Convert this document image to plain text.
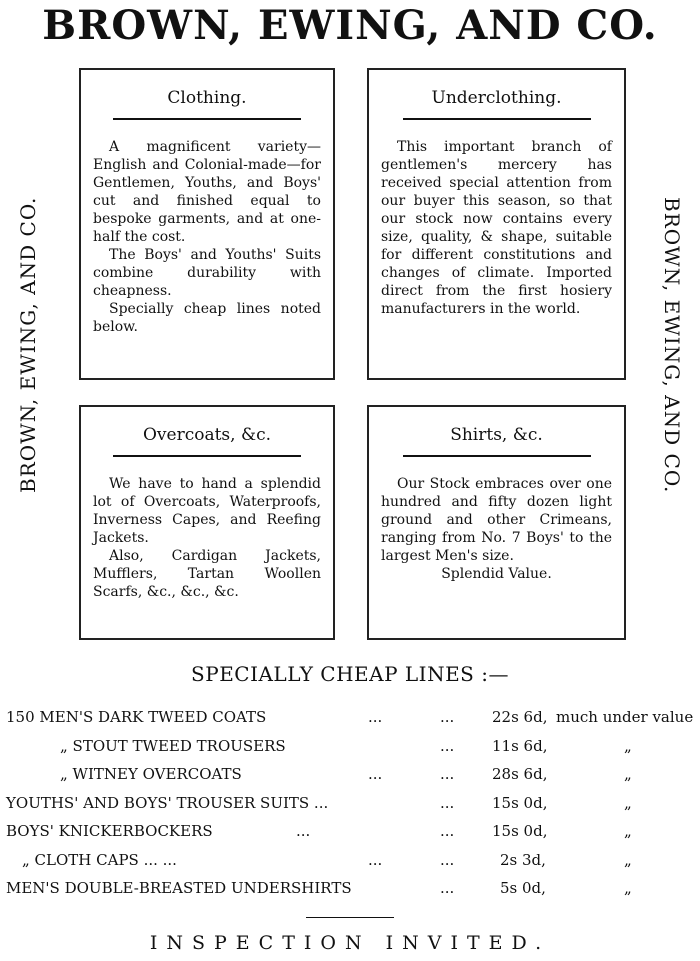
BROWN, EWING, AND CO.
BROWN, EWING, AND CO.	BROWN, EWING, AND CO.
Clothing.

A magnificent variety—English and Colonial-made—for Gentlemen, Youths, and Boys' cut and finished equal to bespoke garments, and at one-half the cost.

The Boys' and Youths' Suits combine durability with cheapness.

Specially cheap lines noted below.

Underclothing.

This important branch of gentlemen's mercery has received special attention from our buyer this season, so that our stock now contains every size, quality, & shape, suitable for different constitutions and changes of climate. Imported direct from the first hosiery manufacturers in the world.

Overcoats, &c.

We have to hand a splendid lot of Overcoats, Waterproofs, Inverness Capes, and Reefing Jackets.

Also, Cardigan Jackets, Mufflers, Tartan Woollen Scarfs, &c., &c., &c.

Shirts, &c.

Our Stock embraces over one hundred and fifty dozen light ground and other Crimeans, ranging from No. 7 Boys' to the largest Men's size.

Splendid Value.

SPECIALLY CHEAP LINES :—
150 MEN'S DARK TWEED COATS	...	...	22s 6d, much under value
„ STOUT TWEED TROUSERS	...	11s 6d,	„
„ WITNEY OVERCOATS	...	...	28s 6d,	„
YOUTHS' AND BOYS' TROUSER SUITS ...	...	15s 0d,	„
BOYS' KNICKERBOCKERS	...	...	15s 0d,	„
„ CLOTH CAPS ... ...	...	...	2s 3d,	„
MEN'S DOUBLE-BREASTED UNDERSHIRTS	...	5s 0d,	„
INSPECTION INVITED.
